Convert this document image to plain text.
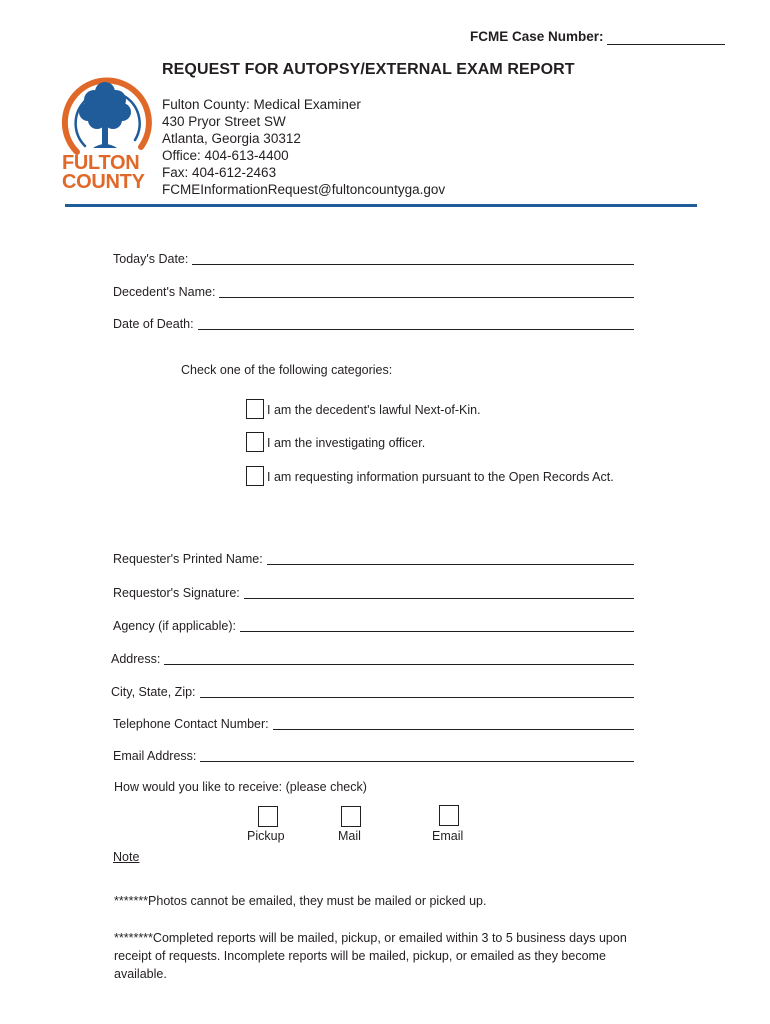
FCME Case Number:
FULTON
COUNTY
REQUEST FOR AUTOPSY/EXTERNAL EXAM REPORT
Fulton County: Medical Examiner
430 Pryor Street SW
Atlanta, Georgia 30312
Office: 404-613-4400
Fax: 404-612-2463
FCMEInformationRequest@fultoncountyga.gov
Today's Date:
Decedent's Name:
Date of Death:
Check one of the following categories:
I am the decedent's lawful Next-of-Kin.
I am the investigating officer.
I am requesting information pursuant to the Open Records Act.
Requester's Printed Name:
Requestor's Signature:
Agency (if applicable):
Address:
City, State, Zip:
Telephone Contact Number:
Email Address:
How would you like to receive: (please check)
Pickup	Mail	Email
Note
*******Photos cannot be emailed, they must be mailed or picked up.
********Completed reports will be mailed, pickup, or emailed within 3 to 5 business days upon receipt of requests. Incomplete reports will be mailed, pickup, or emailed as they become available.
